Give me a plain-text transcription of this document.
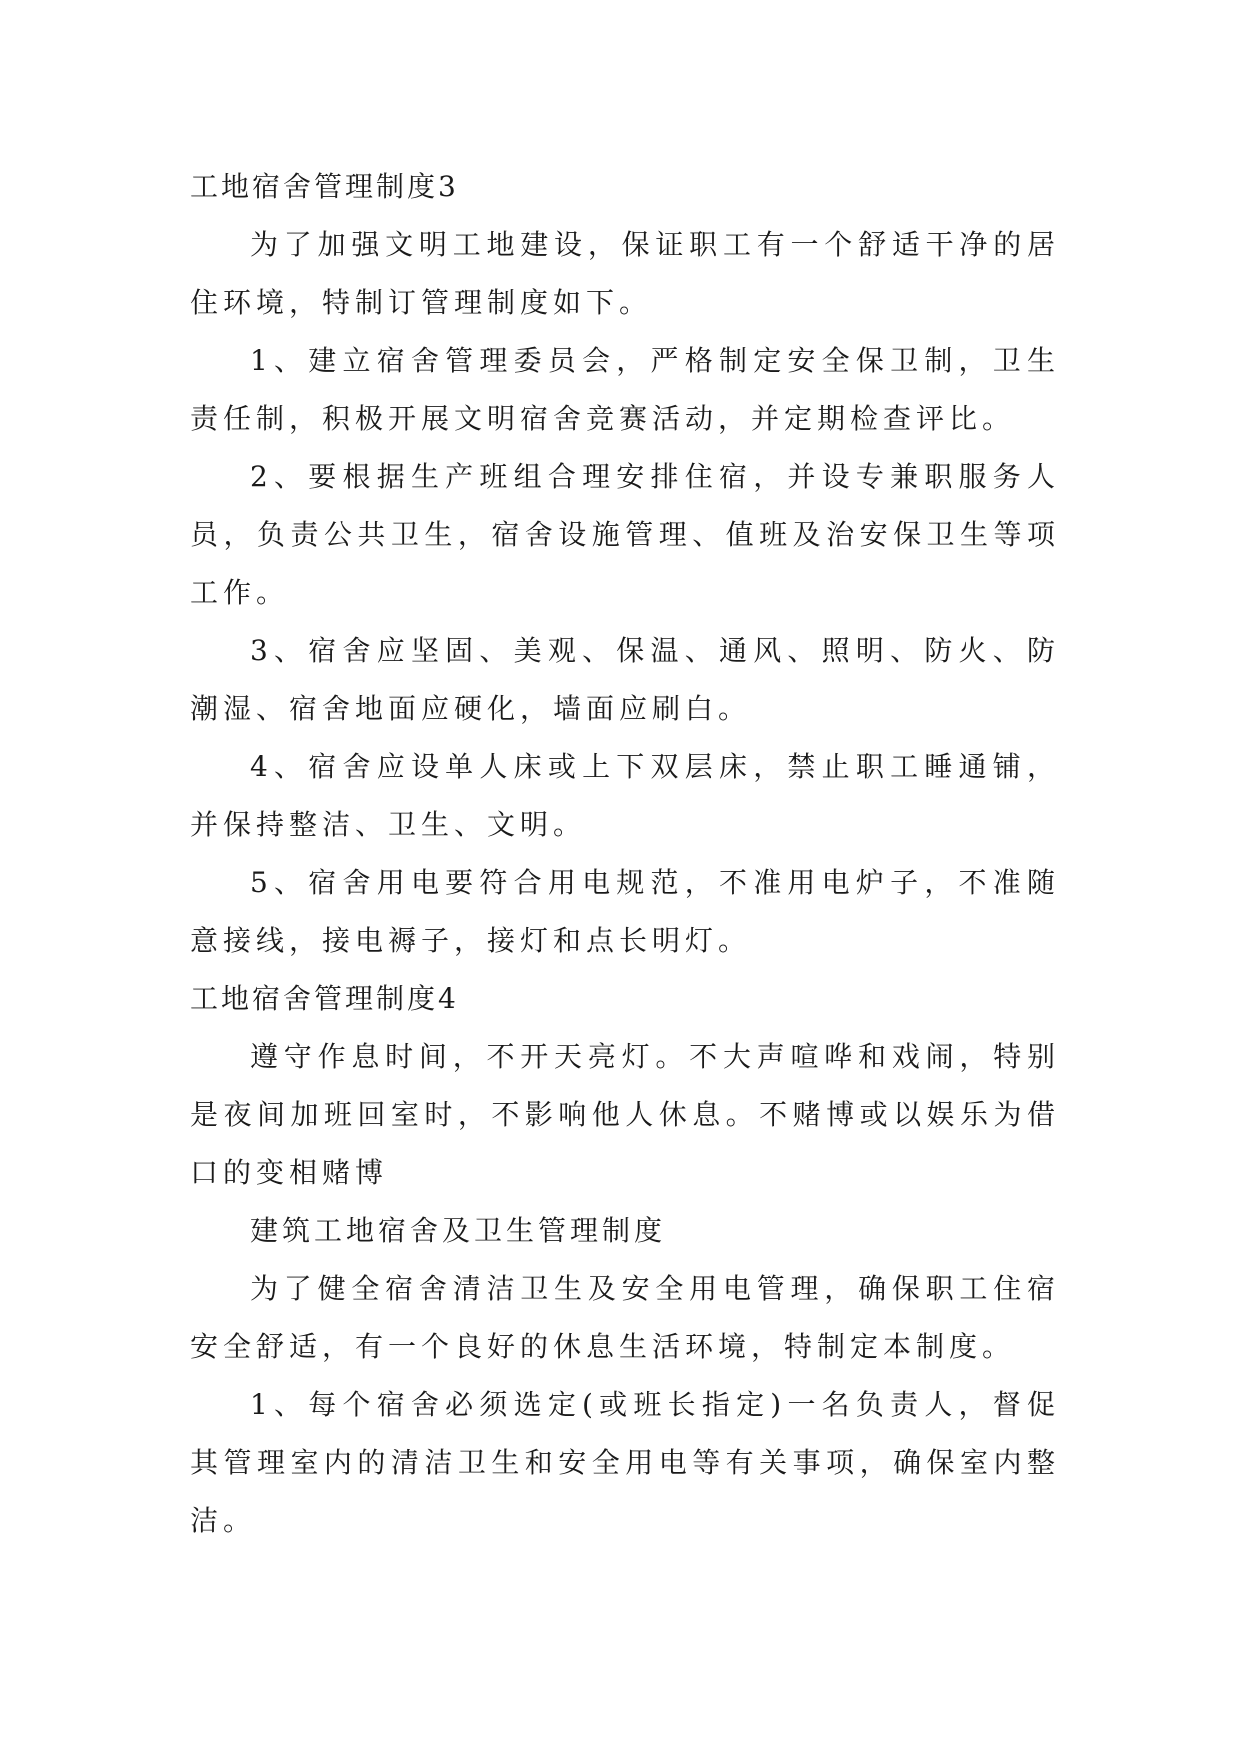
工地宿舍管理制度3

为了加强文明工地建设，保证职工有一个舒适干净的居住环境，特制订管理制度如下。

1、建立宿舍管理委员会，严格制定安全保卫制，卫生责任制，积极开展文明宿舍竞赛活动，并定期检查评比。

2、要根据生产班组合理安排住宿，并设专兼职服务人员，负责公共卫生，宿舍设施管理、值班及治安保卫生等项工作。

3、宿舍应坚固、美观、保温、通风、照明、防火、防潮湿、宿舍地面应硬化，墙面应刷白。

4、宿舍应设单人床或上下双层床，禁止职工睡通铺，并保持整洁、卫生、文明。

5、宿舍用电要符合用电规范，不准用电炉子，不准随意接线，接电褥子，接灯和点长明灯。

工地宿舍管理制度4

遵守作息时间，不开天亮灯。不大声喧哗和戏闹，特别是夜间加班回室时，不影响他人休息。不赌博或以娱乐为借口的变相赌博

建筑工地宿舍及卫生管理制度

为了健全宿舍清洁卫生及安全用电管理，确保职工住宿安全舒适，有一个良好的休息生活环境，特制定本制度。

1、每个宿舍必须选定(或班长指定)一名负责人，督促其管理室内的清洁卫生和安全用电等有关事项，确保室内整洁。
